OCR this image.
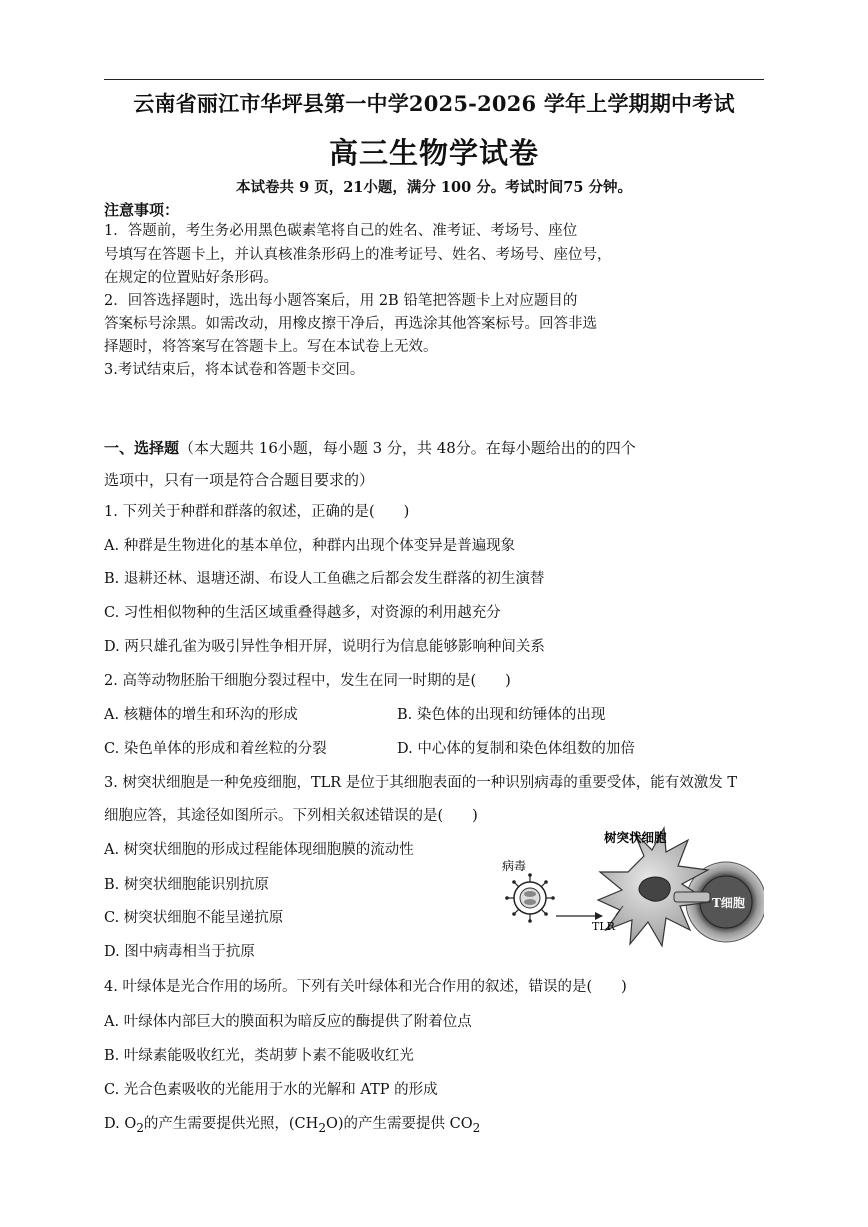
云南省丽江市华坪县第一中学2025-2026 学年上学期期中考试
高三生物学试卷
本试卷共 9 页，21小题，满分 100 分。考试时间75 分钟。
注意事项：
1．答题前，考生务必用黑色碳素笔将自己的姓名、准考证、考场号、座位
号填写在答题卡上，并认真核准条形码上的准考证号、姓名、考场号、座位号，
在规定的位置贴好条形码。
2．回答选择题时，选出每小题答案后，用 2B 铅笔把答题卡上对应题目的
答案标号涂黑。如需改动，用橡皮擦干净后，再选涂其他答案标号。回答非选
择题时，将答案写在答题卡上。写在本试卷上无效。
3.考试结束后，将本试卷和答题卡交回。
一、选择题（本大题共 16小题，每小题 3 分，共 48分。在每小题给出的的四个
选项中，只有一项是符合合题目要求的）
1. 下列关于种群和群落的叙述，正确的是(　　)
A. 种群是生物进化的基本单位，种群内出现个体变异是普遍现象
B. 退耕还林、退塘还湖、布设人工鱼礁之后都会发生群落的初生演替
C. 习性相似物种的生活区域重叠得越多，对资源的利用越充分
D. 两只雄孔雀为吸引异性争相开屏，说明行为信息能够影响种间关系
2. 高等动物胚胎干细胞分裂过程中，发生在同一时期的是(　　)
A. 核糖体的增生和环沟的形成	B. 染色体的出现和纺锤体的出现
C. 染色单体的形成和着丝粒的分裂	D. 中心体的复制和染色体组数的加倍
3. 树突状细胞是一种免疫细胞，TLR 是位于其细胞表面的一种识别病毒的重要受体，能有效激发 T
细胞应答，其途径如图所示。下列相关叙述错误的是(　　)
A. 树突状细胞的形成过程能体现细胞膜的流动性
B. 树突状细胞能识别抗原
C. 树突状细胞不能呈递抗原
D. 图中病毒相当于抗原
树突状细胞
病毒
TLR
T细胞
4. 叶绿体是光合作用的场所。下列有关叶绿体和光合作用的叙述，错误的是(　　)
A. 叶绿体内部巨大的膜面积为暗反应的酶提供了附着位点
B. 叶绿素能吸收红光，类胡萝卜素不能吸收红光
C. 光合色素吸收的光能用于水的光解和 ATP 的形成
D. $O_2$的产生需要提供光照，$(CH_2O)$的产生需要提供 $CO_2$
